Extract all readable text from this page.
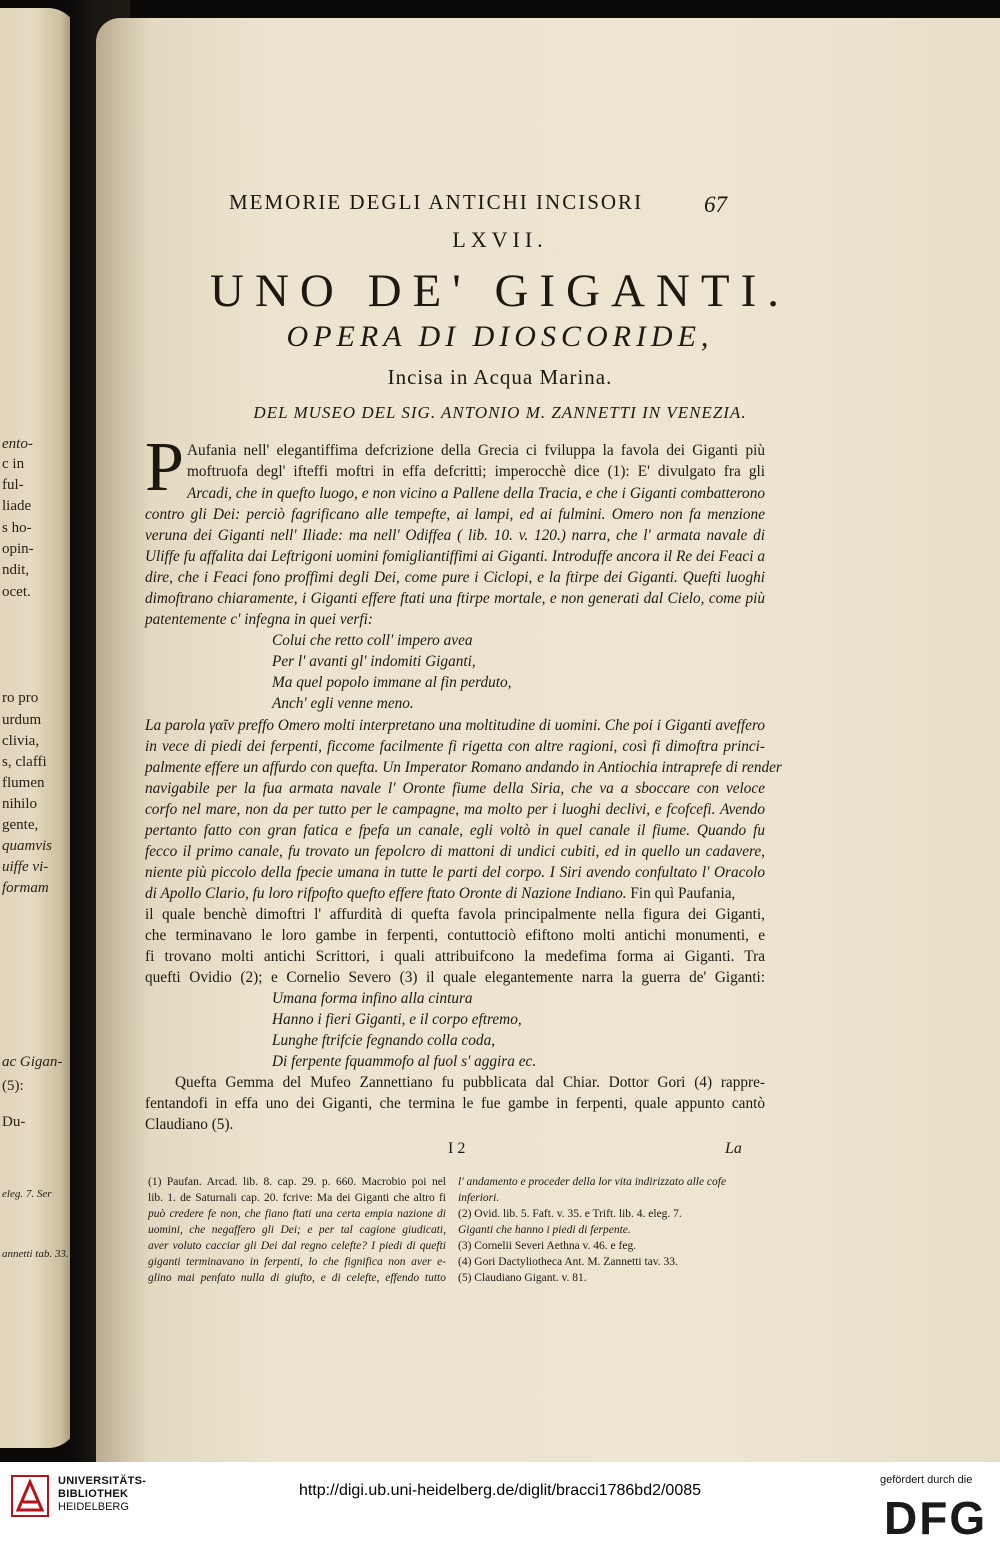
ento-
c in
ful-
liade
s ho-
opin-
ndit,
ocet.
ro pro
urdum
clivia,
s, claffi
flumen
nihilo
gente,
quamvis
uiffe vi-
formam
ac Gigan-
(5):
Du-
eleg. 7. Ser
annetti tab. 33.
MEMORIE DEGLI ANTICHI INCISORI	67
LXVII.
UNO DE' GIGANTI.
OPERA DI DIOSCORIDE,
Incisa in Acqua Marina.
DEL MUSEO DEL SIG. ANTONIO M. ZANNETTI IN VENEZIA.
P Aufania nell' elegantiffima defcrizione della Grecia ci fviluppa la favola dei Giganti più
moftruofa degl' ifteffi moftri in effa defcritti; imperocchè dice (1): E' divulgato fra gli
Arcadi, che in quefto luogo, e non vicino a Pallene della Tracia, e che i Giganti combatterono
contro gli Dei: perciò fagrificano alle tempefte, ai lampi, ed ai fulmini. Omero non fa menzione
veruna dei Giganti nell' Iliade: ma nell' Odiffea ( lib. 10. v. 120.) narra, che l' armata navale di
Uliffe fu affalita dai Leftrigoni uomini fomigliantiffimi ai Giganti. Introduffe ancora il Re dei Feaci a
dire, che i Feaci fono proffimi degli Dei, come pure i Ciclopi, e la ftirpe dei Giganti. Quefti luoghi
dimoftrano chiaramente, i Giganti effere ftati una ftirpe mortale, e non generati dal Cielo, come più
patentemente c' infegna in quei verfi:
Colui che retto coll' impero avea
Per l' avanti gl' indomiti Giganti,
Ma quel popolo immane al fin perduto,
Anch' egli venne meno.
La parola γαῖν preffo Omero molti interpretano una moltitudine di uomini. Che poi i Giganti aveffero
in vece di piedi dei ferpenti, ficcome facilmente fi rigetta con altre ragioni, così fi dimoftra princi-
palmente effere un affurdo con quefta. Un Imperator Romano andando in Antiochia intraprefe di render
navigabile per la fua armata navale l' Oronte fiume della Siria, che va a sboccare con veloce
corfo nel mare, non da per tutto per le campagne, ma molto per i luoghi declivi, e fcofcefi. Avendo
pertanto fatto con gran fatica e fpefa un canale, egli voltò in quel canale il fiume. Quando fu
fecco il primo canale, fu trovato un fepolcro di mattoni di undici cubiti, ed in quello un cadavere,
niente più piccolo della fpecie umana in tutte le parti del corpo. I Siri avendo confultato l' Oracolo
di Apollo Clario, fu loro rifpofto quefto effere ftato Oronte di Nazione Indiano. Fin quì Paufania,
il quale benchè dimoftri l' affurdità di quefta favola principalmente nella figura dei Giganti,
che terminavano le loro gambe in ferpenti, contuttociò efiftono molti antichi monumenti, e
fi trovano molti antichi Scrittori, i quali attribuifcono la medefima forma ai Giganti. Tra
quefti Ovidio (2); e Cornelio Severo (3) il quale elegantemente narra la guerra de' Giganti:
Umana forma infino alla cintura
Hanno i fieri Giganti, e il corpo eftremo,
Lunghe ftrifcie fegnando colla coda,
Di ferpente fquammofo al fuol s' aggira ec.
Quefta Gemma del Mufeo Zannettiano fu pubblicata dal Chiar. Dottor Gori (4) rappre-
fentandofi in effa uno dei Giganti, che termina le fue gambe in ferpenti, quale appunto cantò
Claudiano (5).
I 2	La
(1) Paufan. Arcad. lib. 8. cap. 29. p. 660. Macrobio poi nel
lib. 1. de Saturnali cap. 20. fcrive: Ma dei Giganti che altro fi
può credere fe non, che fiano ftati una certa empia nazione di
uomini, che negaffero gli Dei; e per tal cagione giudicati,
aver voluto cacciar gli Dei dal regno celefte? I piedi di quefti
giganti terminavano in ferpenti, lo che fignifica non aver e-
glino mai penfato nulla di giufto, e di celefte, effendo tutto
l' andamento e proceder della lor vita indirizzato alle cofe
inferiori.
(2) Ovid. lib. 5. Faft. v. 35. e Trift. lib. 4. eleg. 7.
Giganti che hanno i piedi di ferpente.
(3) Cornelii Severi Aethna v. 46. e feg.
(4) Gori Dactyliotheca Ant. M. Zannetti tav. 33.
(5) Claudiano Gigant. v. 81.
UNIVERSITÄTS-
BIBLIOTHEK
HEIDELBERG
http://digi.ub.uni-heidelberg.de/diglit/bracci1786bd2/0085
gefördert durch die
DFG
